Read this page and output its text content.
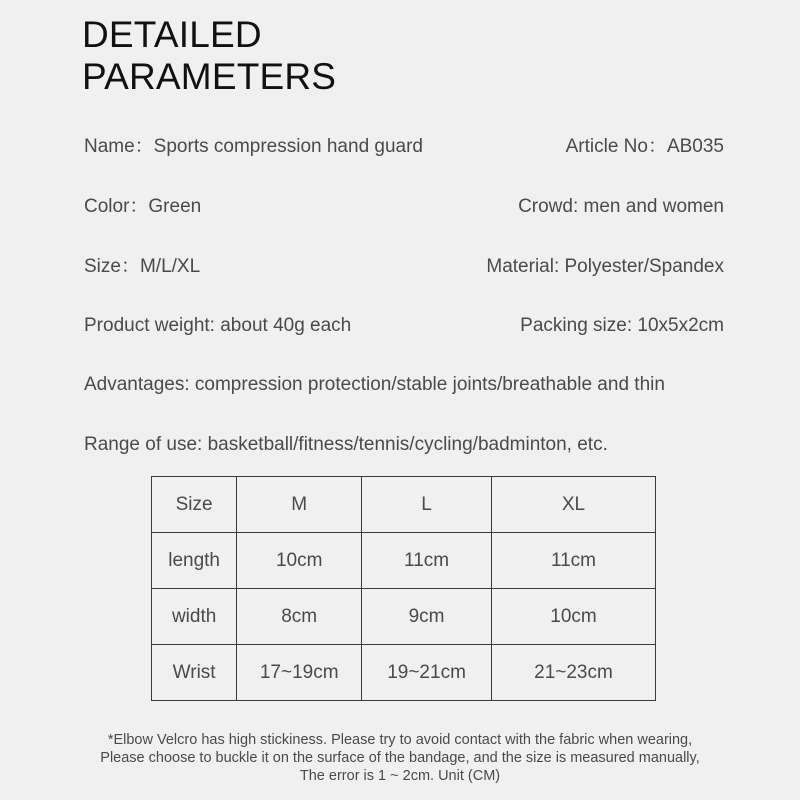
DETAILED
PARAMETERS
Name：Sports compression hand guard	Article No：AB035
Color：Green	Crowd: men and women
Size：M/L/XL	Material: Polyester/Spandex
Product weight: about 40g each	Packing size: 10x5x2cm
Advantages: compression protection/stable joints/breathable and thin
Range of use: basketball/fitness/tennis/cycling/badminton, etc.
Size	M	L	XL
length	10cm	11cm	11cm
width	8cm	9cm	10cm
Wrist	17~19cm	19~21cm	21~23cm
*Elbow Velcro has high stickiness. Please try to avoid contact with the fabric when wearing,
Please choose to buckle it on the surface of the bandage, and the size is measured manually,
The error is 1 ~ 2cm. Unit (CM)
